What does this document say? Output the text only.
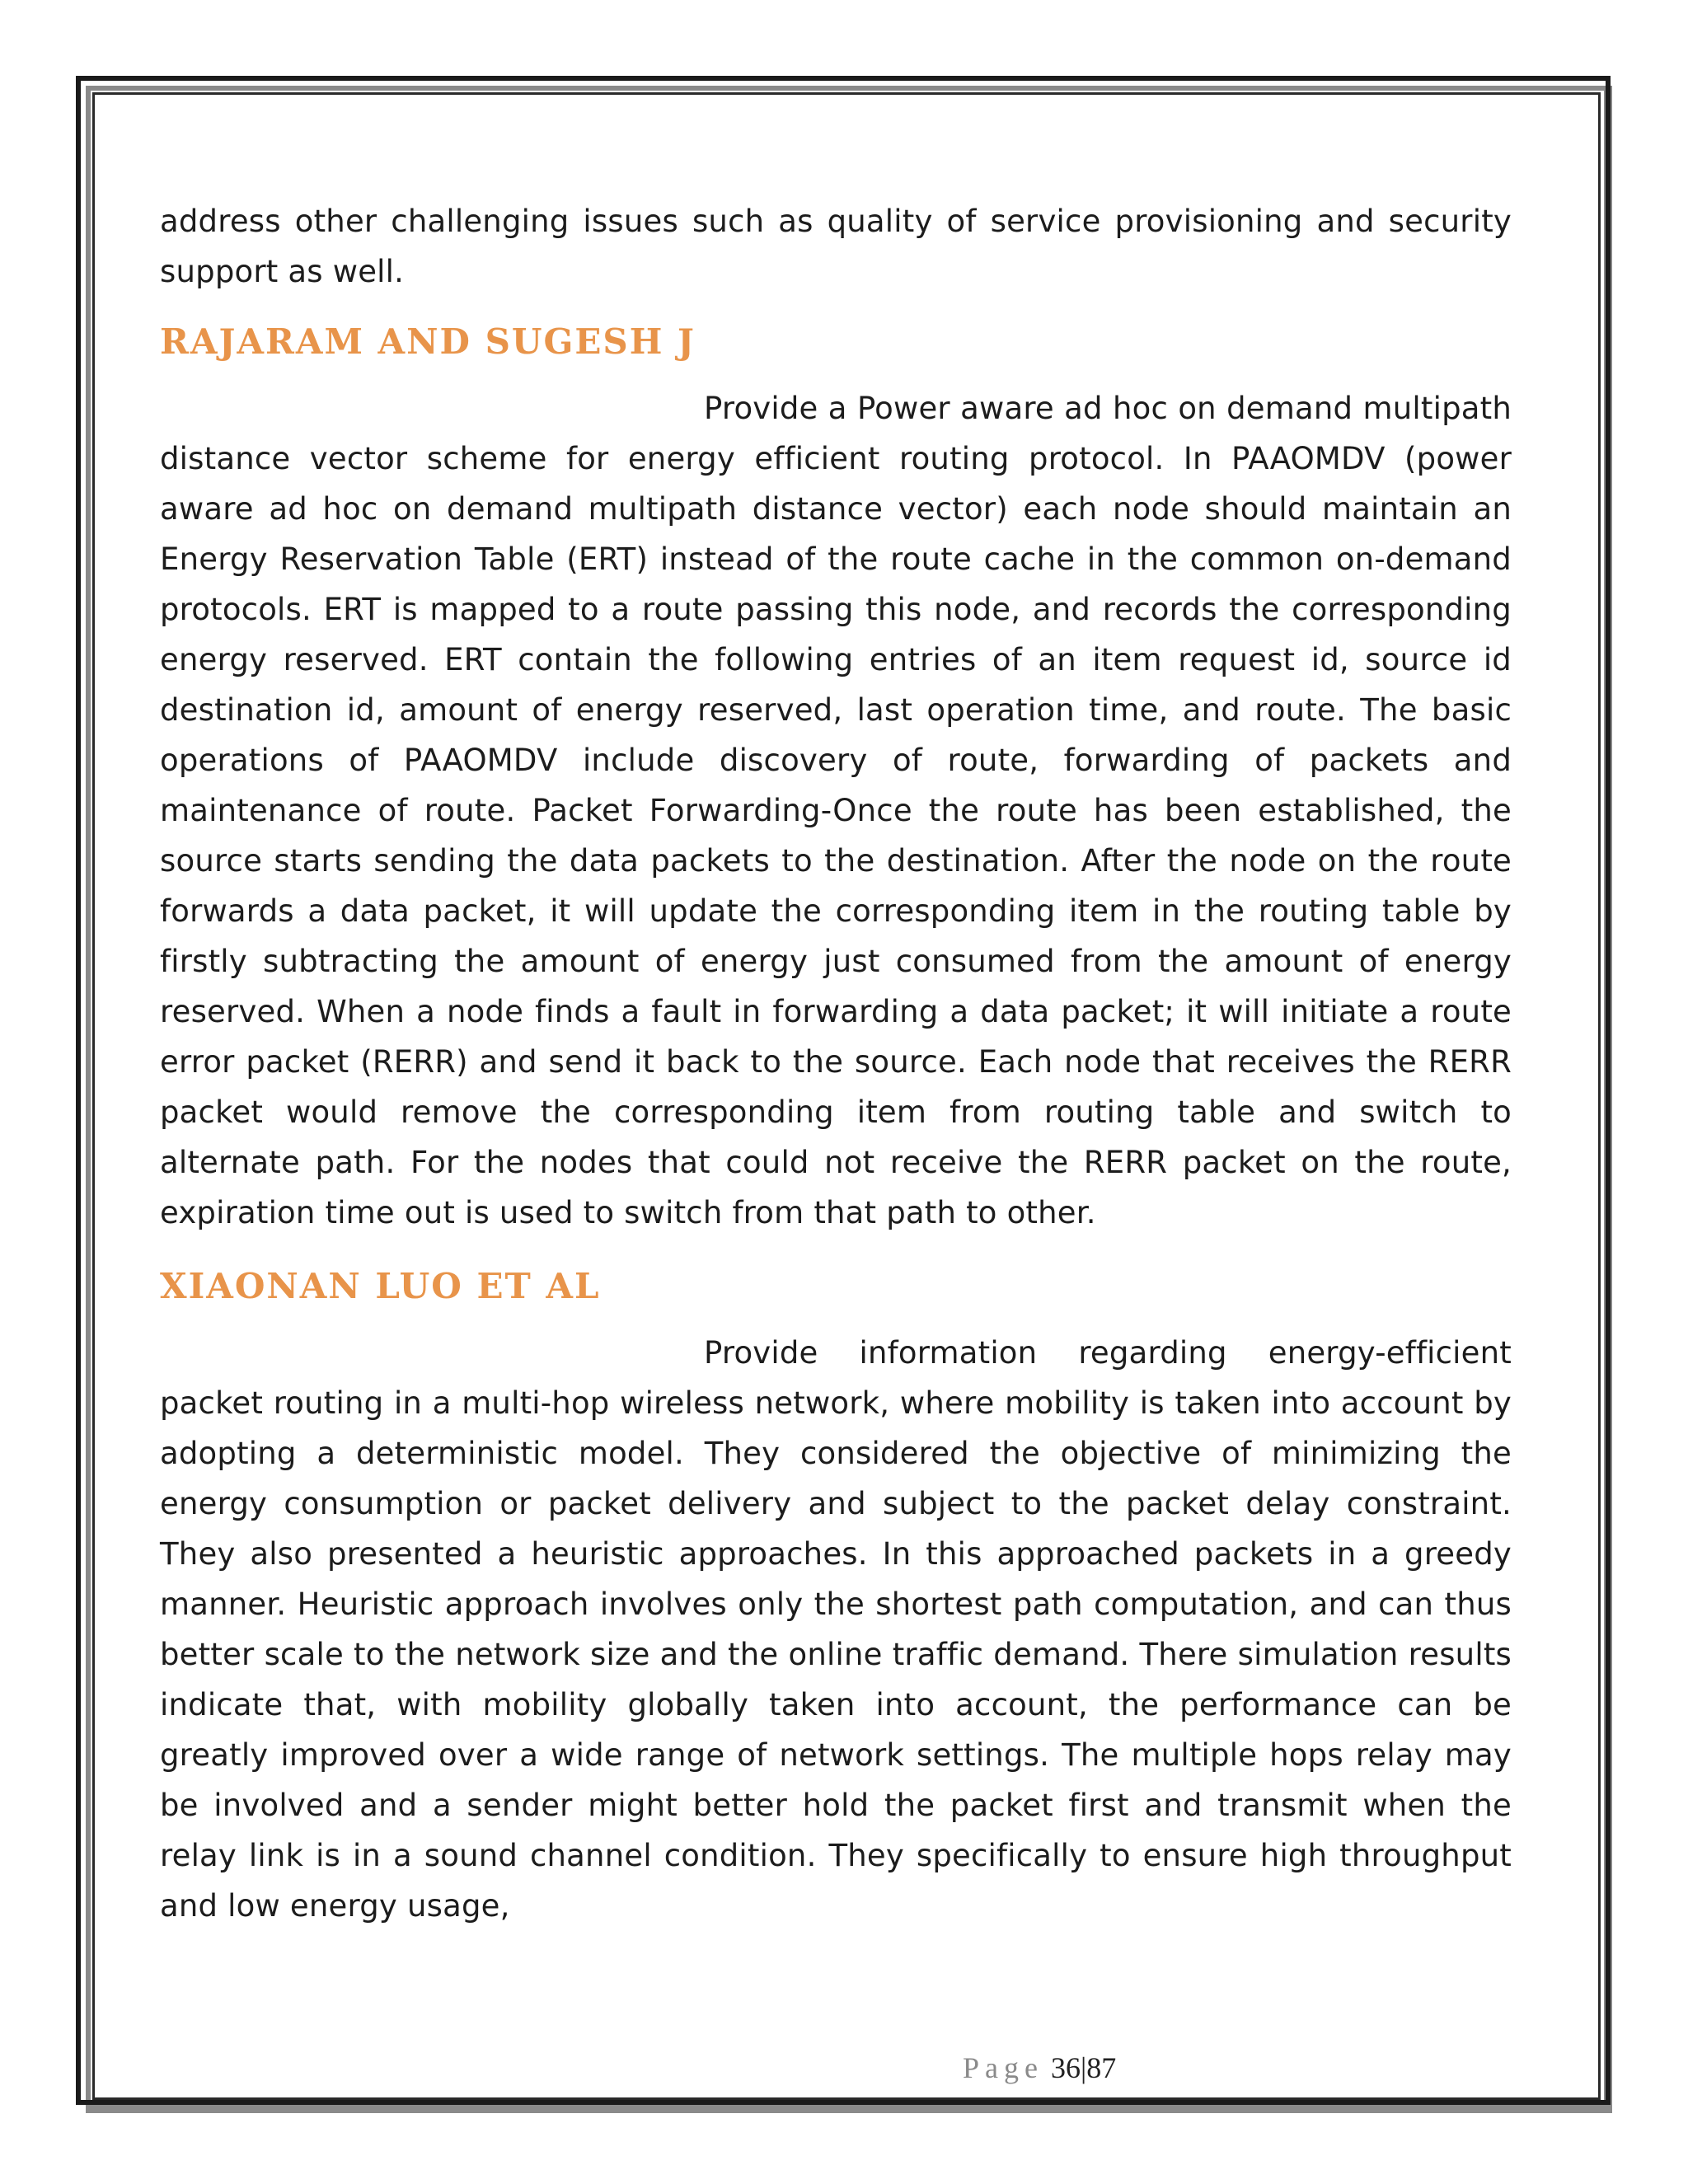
address other challenging issues such as quality of service provisioning and security support as well.

RAJARAM AND SUGESH J

Provide a Power aware ad hoc on demand multipath distance vector scheme for energy efficient routing protocol. In PAAOMDV (power aware ad hoc on demand multipath distance vector) each node should maintain an Energy Reservation Table (ERT) instead of the route cache in the common on-demand protocols. ERT is mapped to a route passing this node, and records the corresponding energy reserved. ERT contain the following entries of an item request id, source id destination id, amount of energy reserved, last operation time, and route. The basic operations of PAAOMDV include discovery of route, forwarding of packets and maintenance of route. Packet Forwarding-Once the route has been established, the source starts sending the data packets to the destination. After the node on the route forwards a data packet, it will update the corresponding item in the routing table by firstly subtracting the amount of energy just consumed from the amount of energy reserved. When a node finds a fault in forwarding a data packet; it will initiate a route error packet (RERR) and send it back to the source. Each node that receives the RERR packet would remove the corresponding item from routing table and switch to alternate path. For the nodes that could not receive the RERR packet on the route, expiration time out is used to switch from that path to other.

XIAONAN LUO ET AL

Provide information regarding energy-efficient packet routing in a multi-hop wireless network, where mobility is taken into account by adopting a deterministic model. They considered the objective of minimizing the energy consumption or packet delivery and subject to the packet delay constraint. They also presented a heuristic approaches. In this approached packets in a greedy manner. Heuristic approach involves only the shortest path computation, and can thus better scale to the network size and the online traffic demand. There simulation results indicate that, with mobility globally taken into account, the performance can be greatly improved over a wide range of network settings. The multiple hops relay may be involved and a sender might better hold the packet first and transmit when the relay link is in a sound channel condition. They specifically to ensure high throughput and low energy usage,

Page 36|87
